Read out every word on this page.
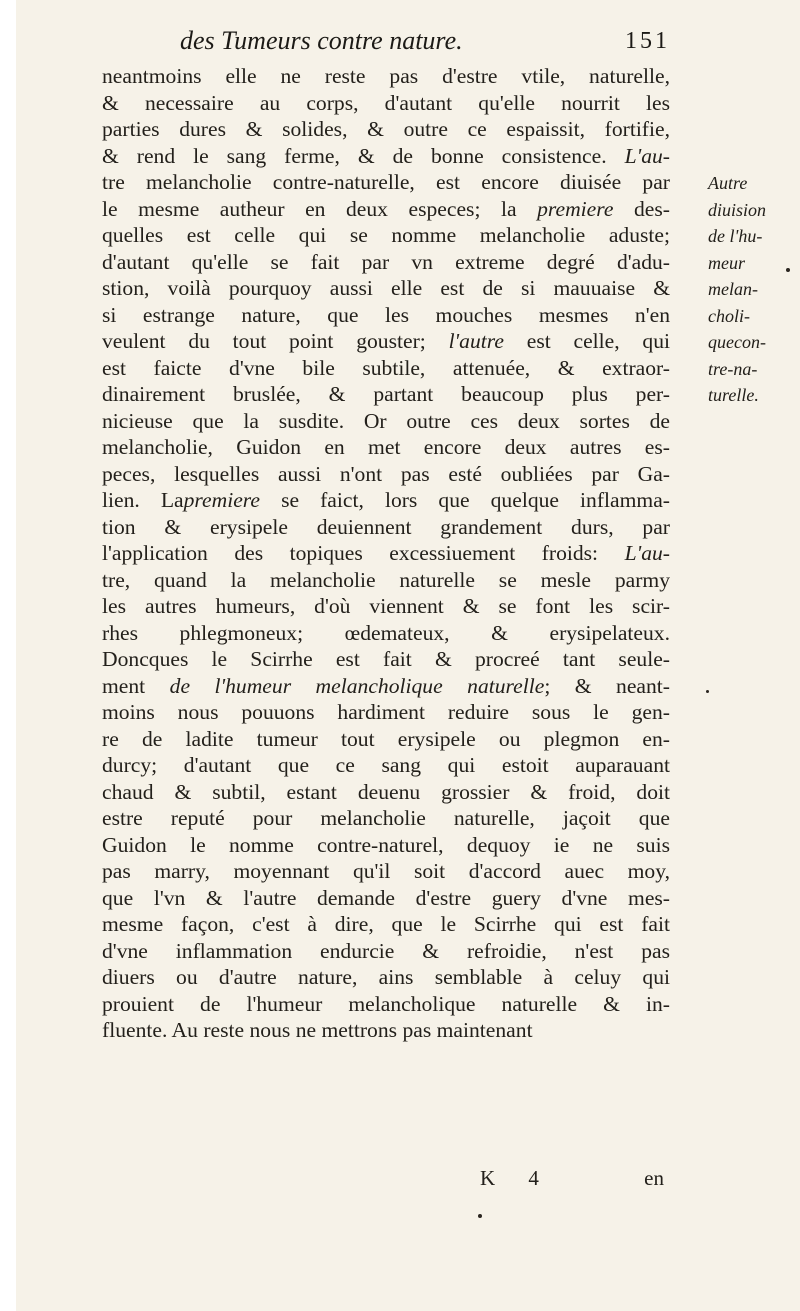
des Tumeurs contre nature.	151
neantmoins elle ne reste pas d'estre vtile, naturelle,
& necessaire au corps, d'autant qu'elle nourrit les
parties dures & solides, & outre ce espaissit, fortifie,
& rend le sang ferme, & de bonne consistence. L'au-
tre melancholie contre-naturelle, est encore diuisée par
le mesme autheur en deux especes; la premiere des-
quelles est celle qui se nomme melancholie aduste;
d'autant qu'elle se fait par vn extreme degré d'adu-
stion, voilà pourquoy aussi elle est de si mauuaise &
si estrange nature, que les mouches mesmes n'en
veulent du tout point gouster; l'autre est celle, qui
est faicte d'vne bile subtile, attenuée, & extraor-
dinairement bruslée, & partant beaucoup plus per-
nicieuse que la susdite. Or outre ces deux sortes de
melancholie, Guidon en met encore deux autres es-
peces, lesquelles aussi n'ont pas esté oubliées par Ga-
lien. Lapremiere se faict, lors que quelque inflamma-
tion & erysipele deuiennent grandement durs, par
l'application des topiques excessiuement froids: L'au-
tre, quand la melancholie naturelle se mesle parmy
les autres humeurs, d'où viennent & se font les scir-
rhes phlegmoneux; œdemateux, & erysipelateux.
Doncques le Scirrhe est fait & procreé tant seule-
ment de l'humeur melancholique naturelle; & neant-
moins nous pouuons hardiment reduire sous le gen-
re de ladite tumeur tout erysipele ou plegmon en-
durcy; d'autant que ce sang qui estoit auparauant
chaud & subtil, estant deuenu grossier & froid, doit
estre reputé pour melancholie naturelle, jaçoit que
Guidon le nomme contre-naturel, dequoy ie ne suis
pas marry, moyennant qu'il soit d'accord auec moy,
que l'vn & l'autre demande d'estre guery d'vne mes-
mesme façon, c'est à dire, que le Scirrhe qui est fait
d'vne inflammation endurcie & refroidie, n'est pas
diuers ou d'autre nature, ains semblable à celuy qui
prouient de l'humeur melancholique naturelle & in-
fluente. Au reste nous ne mettrons pas maintenant
Autre
diuision
de l'hu-
meur
melan-
choli-
quecon-
tre-na-
turelle.
K 4	en
